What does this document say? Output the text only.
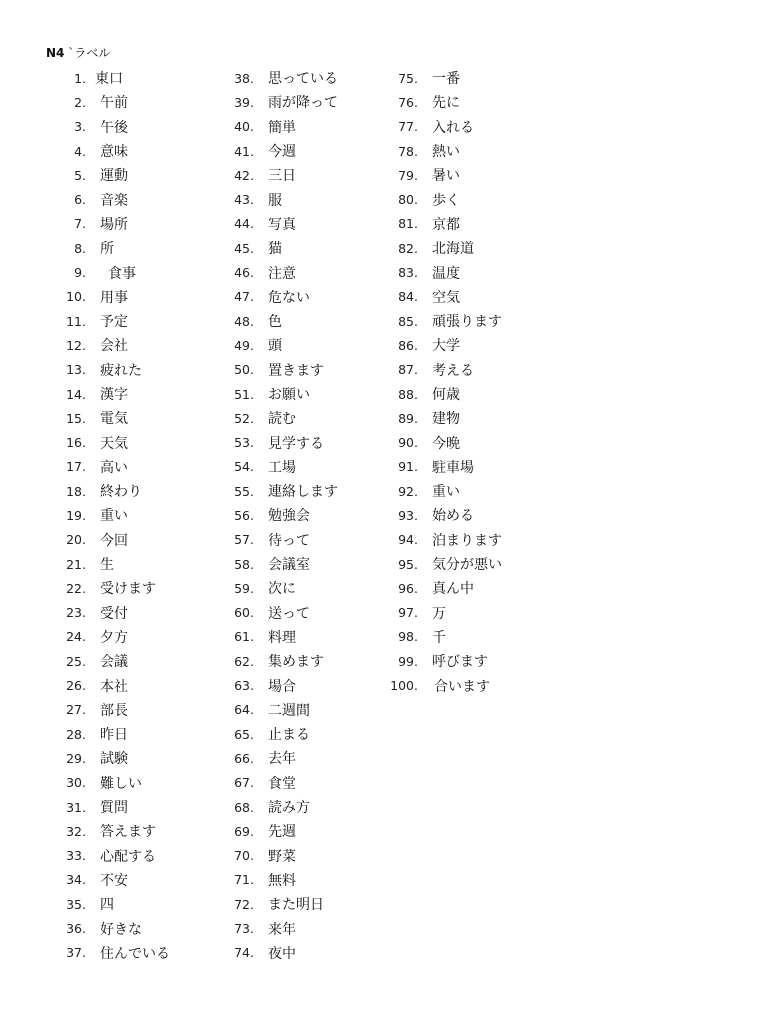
N4 `ラベル
1. 東口
2. 午前
3. 午後
4. 意味
5. 運動
6. 音楽
7. 場所
8. 所
9. 食事
10. 用事
11. 予定
12. 会社
13. 疲れた
14. 漢字
15. 電気
16. 天気
17. 高い
18. 終わり
19. 重い
20. 今回
21. 生
22. 受けます
23. 受付
24. 夕方
25. 会議
26. 本社
27. 部長
28. 昨日
29. 試験
30. 難しい
31. 質問
32. 答えます
33. 心配する
34. 不安
35. 四
36. 好きな
37. 住んでいる
38. 思っている
39. 雨が降って
40. 簡単
41. 今週
42. 三日
43. 服
44. 写真
45. 猫
46. 注意
47. 危ない
48. 色
49. 頭
50. 置きます
51. お願い
52. 読む
53. 見学する
54. 工場
55. 連絡します
56. 勉強会
57. 待って
58. 会議室
59. 次に
60. 送って
61. 料理
62. 集めます
63. 場合
64. 二週間
65. 止まる
66. 去年
67. 食堂
68. 読み方
69. 先週
70. 野菜
71. 無料
72. また明日
73. 来年
74. 夜中
75. 一番
76. 先に
77. 入れる
78. 熱い
79. 暑い
80. 歩く
81. 京都
82. 北海道
83. 温度
84. 空気
85. 頑張ります
86. 大学
87. 考える
88. 何歳
89. 建物
90. 今晩
91. 駐車場
92. 重い
93. 始める
94. 泊まります
95. 気分が悪い
96. 真ん中
97. 万
98. 千
99. 呼びます
100. 合います
